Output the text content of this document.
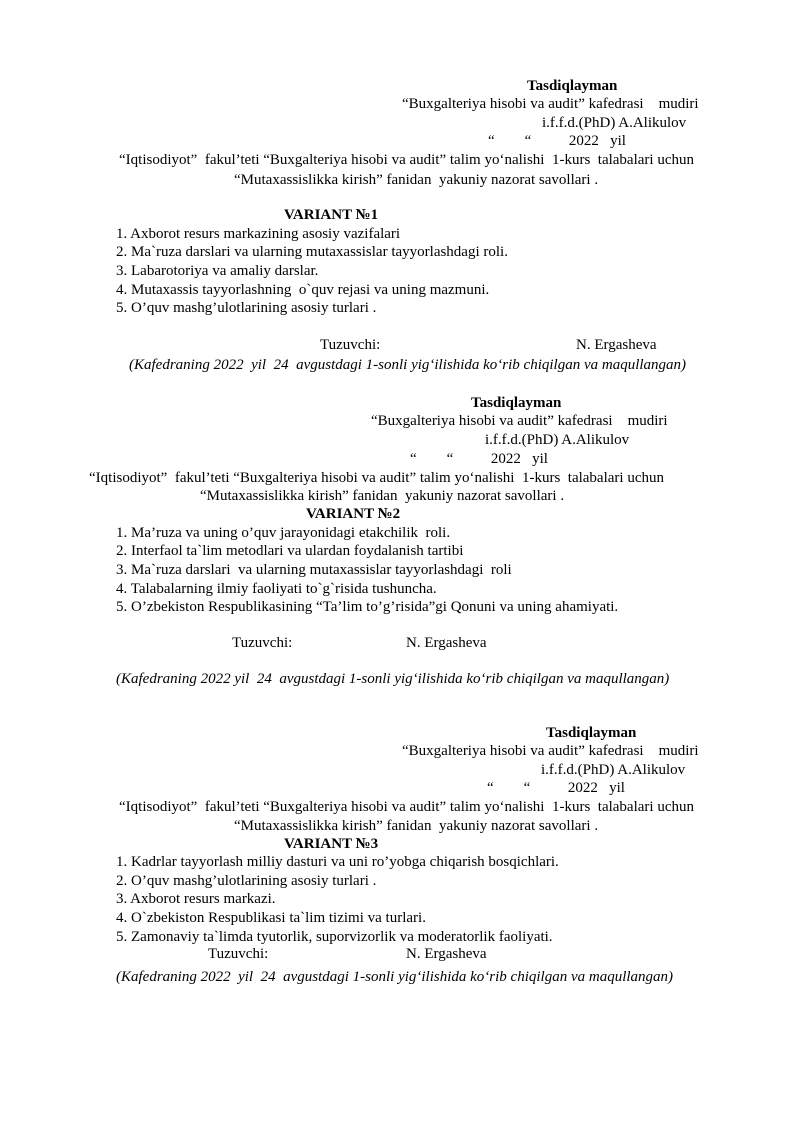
Tasdiqlayman
“Buxgalteriya hisobi va audit” kafedrasi    mudiri
i.f.f.d.(PhD) A.Alikulov
“        “          2022   yil
“Iqtisodiyot”  fakul’teti “Buxgalteriya hisobi va audit” talim yo‘nalishi  1-kurs  talabalari uchun
“Mutaxassislikka kirish” fanidan  yakuniy nazorat savollari .
VARIANT №1
1. Axborot resurs markazining asosiy vazifalari
2. Ma`ruza darslari va ularning mutaxassislar tayyorlashdagi roli.
3. Labarotoriya va amaliy darslar.
4. Mutaxassis tayyorlashning  o`quv rejasi va uning mazmuni.
5. O’quv mashg’ulotlarining asosiy turlari .
Tuzuvchi:	N. Ergasheva
(Kafedraning 2022  yil  24  avgustdagi 1-sonli yig‘ilishida ko‘rib chiqilgan va maqullangan)
Tasdiqlayman
“Buxgalteriya hisobi va audit” kafedrasi    mudiri
i.f.f.d.(PhD) A.Alikulov
“        “          2022   yil
“Iqtisodiyot”  fakul’teti “Buxgalteriya hisobi va audit” talim yo‘nalishi  1-kurs  talabalari uchun
“Mutaxassislikka kirish” fanidan  yakuniy nazorat savollari .
VARIANT №2
1. Ma’ruza va uning o’quv jarayonidagi etakchilik  roli.
2. Interfaol ta`lim metodlari va ulardan foydalanish tartibi
3. Ma`ruza darslari  va ularning mutaxassislar tayyorlashdagi  roli
4. Talabalarning ilmiy faoliyati to`g`risida tushuncha.
5. O’zbekiston Respublikasining “Ta’lim to’g’risida”gi Qonuni va uning ahamiyati.
Tuzuvchi:	N. Ergasheva
(Kafedraning 2022 yil  24  avgustdagi 1-sonli yig‘ilishida ko‘rib chiqilgan va maqullangan)
Tasdiqlayman
“Buxgalteriya hisobi va audit” kafedrasi    mudiri
i.f.f.d.(PhD) A.Alikulov
“        “          2022   yil
“Iqtisodiyot”  fakul’teti “Buxgalteriya hisobi va audit” talim yo‘nalishi  1-kurs  talabalari uchun
“Mutaxassislikka kirish” fanidan  yakuniy nazorat savollari .
VARIANT №3
1. Kadrlar tayyorlash milliy dasturi va uni ro’yobga chiqarish bosqichlari.
2. O’quv mashg’ulotlarining asosiy turlari .
3. Axborot resurs markazi.
4. O`zbekiston Respublikasi ta`lim tizimi va turlari.
5. Zamonaviy ta`limda tyutorlik, suporvizorlik va moderatorlik faoliyati.
Tuzuvchi:	N. Ergasheva
(Kafedraning 2022  yil  24  avgustdagi 1-sonli yig‘ilishida ko‘rib chiqilgan va maqullangan)
